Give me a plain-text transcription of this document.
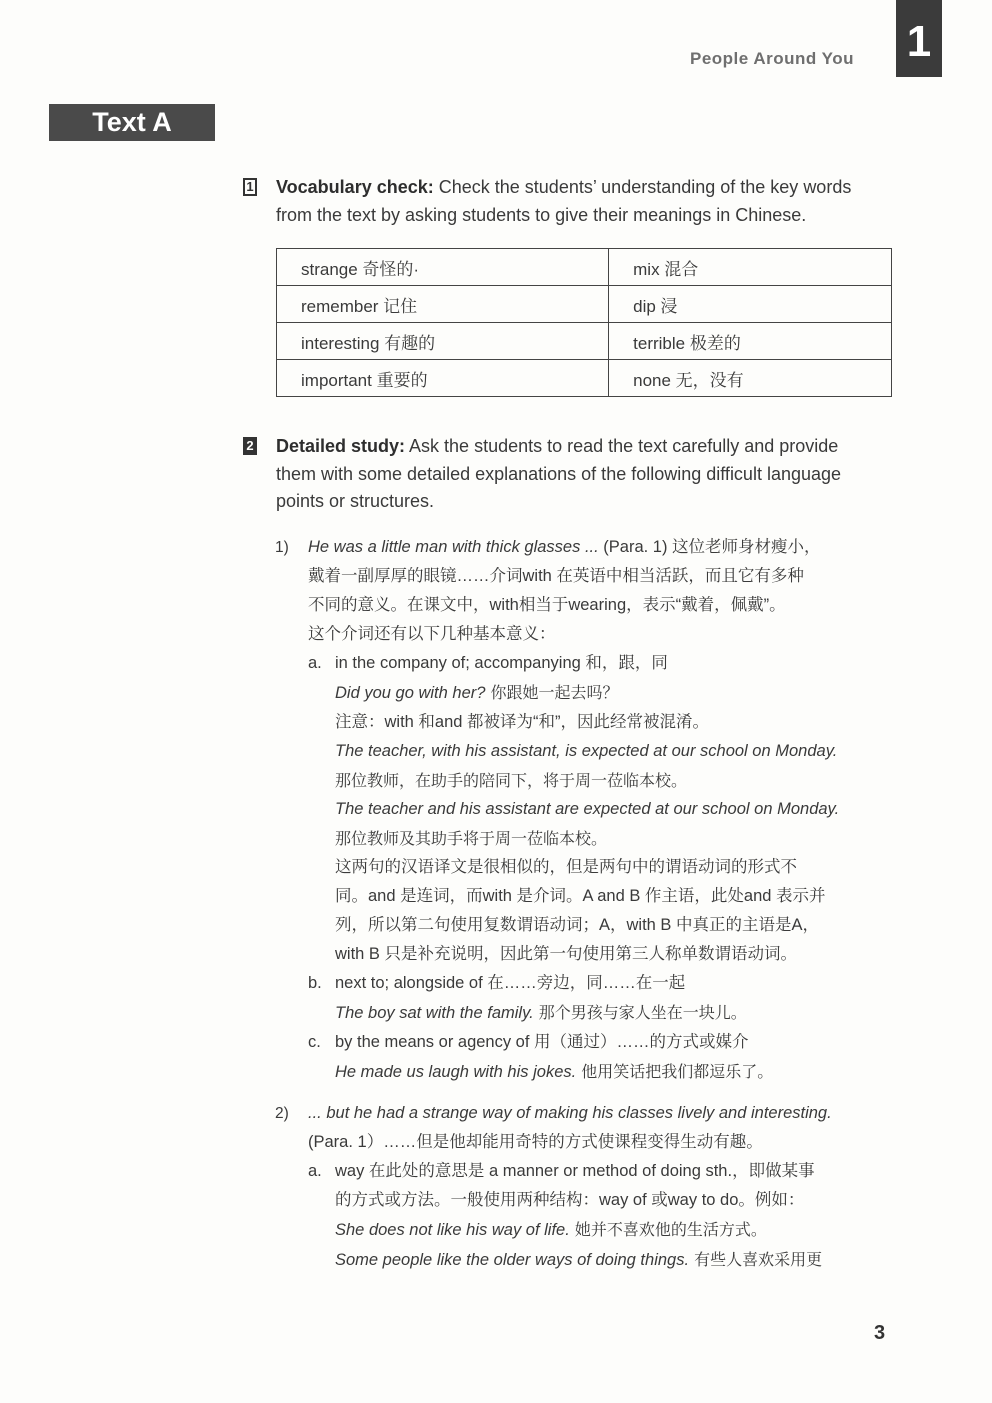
People Around You 1
Text A
1 Vocabulary check: Check the students’ understanding of the key words
from the text by asking students to give their meanings in Chinese.
strange 奇怪的·	mix 混合
remember 记住	dip 浸
interesting 有趣的	terrible 极差的
important 重要的	none 无，没有
2 Detailed study: Ask the students to read the text carefully and provide
them with some detailed explanations of the following difficult language
points or structures.
1) He was a little man with thick glasses ... (Para. 1) 这位老师身材瘦小，
戴着一副厚厚的眼镜……介词with 在英语中相当活跃，而且它有多种
不同的意义。在课文中，with相当于wearing，表示“戴着，佩戴”。
这个介词还有以下几种基本意义：
a. in the company of; accompanying 和，跟，同
Did you go with her? 你跟她一起去吗？
注意：with 和and 都被译为“和”，因此经常被混淆。
The teacher, with his assistant, is expected at our school on Monday.
那位教师，在助手的陪同下，将于周一莅临本校。
The teacher and his assistant are expected at our school on Monday.
那位教师及其助手将于周一莅临本校。
这两句的汉语译文是很相似的，但是两句中的谓语动词的形式不
同。and 是连词，而with 是介词。A and B 作主语，此处and 表示并
列，所以第二句使用复数谓语动词；A，with B 中真正的主语是A，
with B 只是补充说明，因此第一句使用第三人称单数谓语动词。
b. next to; alongside of 在……旁边，同……在一起
The boy sat with the family. 那个男孩与家人坐在一块儿。
c. by the means or agency of 用（通过）……的方式或媒介
He made us laugh with his jokes. 他用笑话把我们都逗乐了。
2) ... but he had a strange way of making his classes lively and interesting.
(Para. 1）……但是他却能用奇特的方式使课程变得生动有趣。
a. way 在此处的意思是 a manner or method of doing sth.，即做某事
的方式或方法。一般使用两种结构：way of 或way to do。例如：
She does not like his way of life. 她并不喜欢他的生活方式。
Some people like the older ways of doing things. 有些人喜欢采用更
3
